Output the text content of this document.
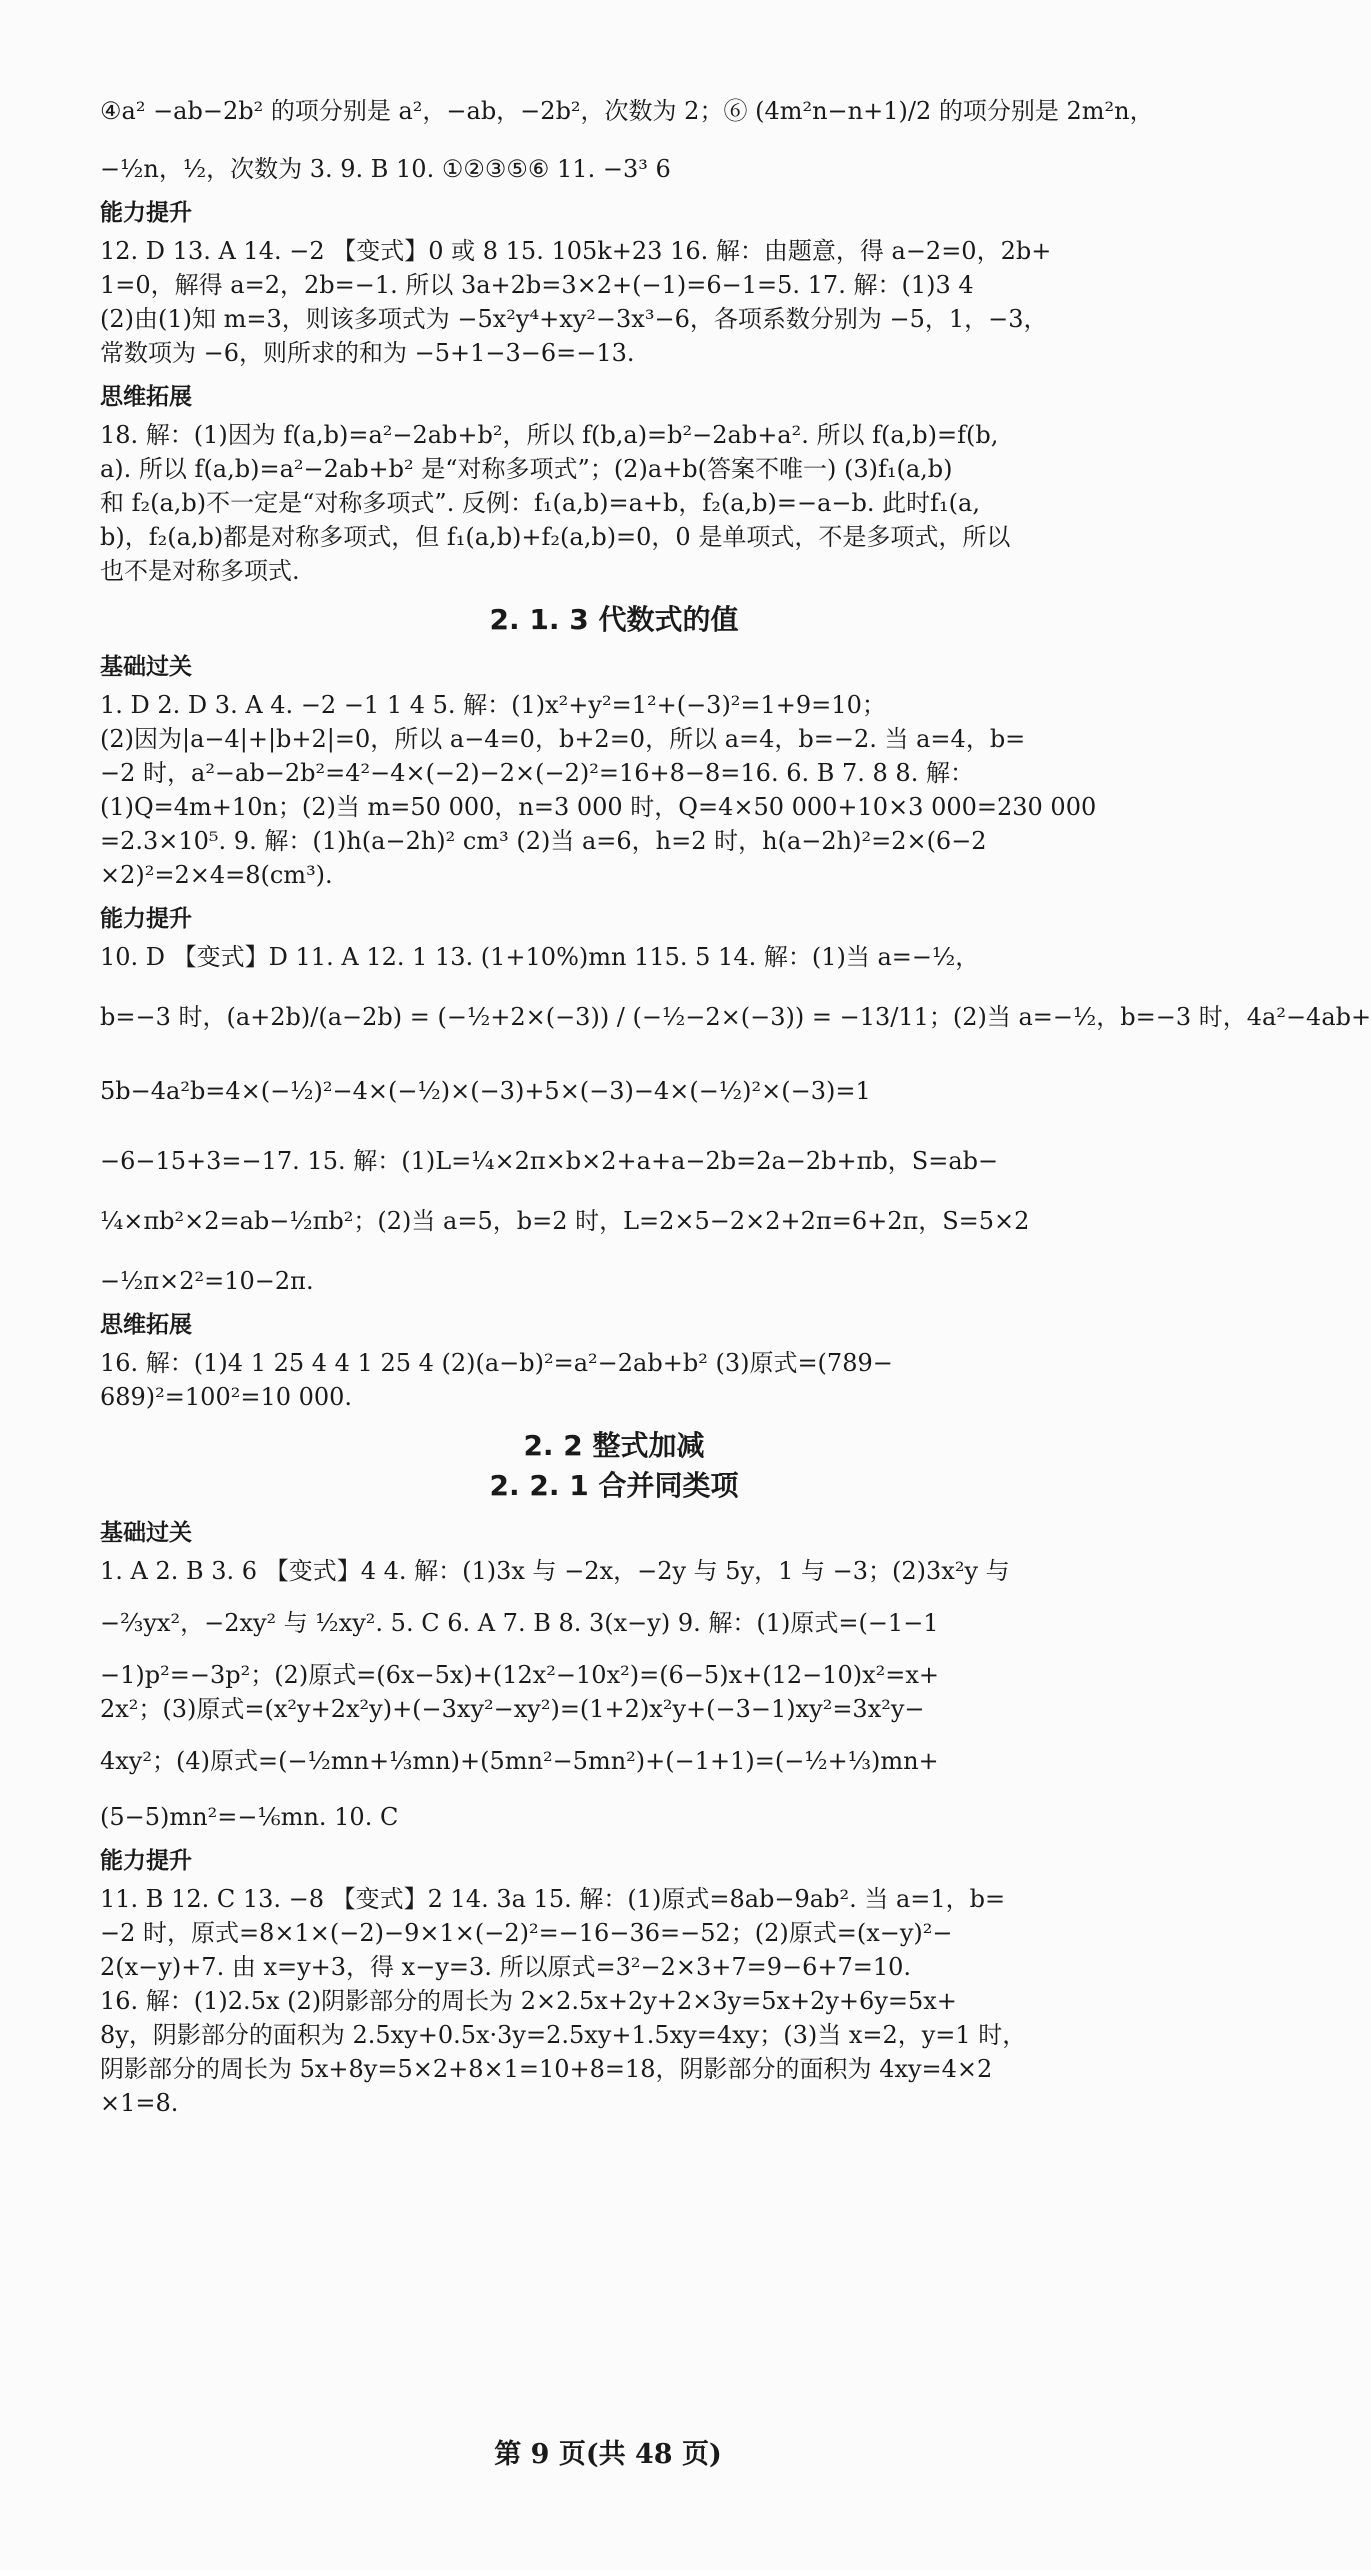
④a² −ab−2b² 的项分别是 a²，−ab，−2b²，次数为 2；⑥ (4m²n−n+1)/2 的项分别是 2m²n，

−½n，½，次数为 3. 9. B 10. ①②③⑤⑥ 11. −3³ 6

能力提升

12. D 13. A 14. −2 【变式】0 或 8 15. 105k+23 16. 解：由题意，得 a−2=0，2b+

1=0，解得 a=2，2b=−1. 所以 3a+2b=3×2+(−1)=6−1=5. 17. 解：(1)3 4

(2)由(1)知 m=3，则该多项式为 −5x²y⁴+xy²−3x³−6，各项系数分别为 −5，1，−3，

常数项为 −6，则所求的和为 −5+1−3−6=−13.

思维拓展

18. 解：(1)因为 f(a,b)=a²−2ab+b²，所以 f(b,a)=b²−2ab+a². 所以 f(a,b)=f(b,

a). 所以 f(a,b)=a²−2ab+b² 是“对称多项式”；(2)a+b(答案不唯一) (3)f₁(a,b)

和 f₂(a,b)不一定是“对称多项式”. 反例：f₁(a,b)=a+b，f₂(a,b)=−a−b. 此时f₁(a,

b)，f₂(a,b)都是对称多项式，但 f₁(a,b)+f₂(a,b)=0，0 是单项式，不是多项式，所以

也不是对称多项式.

2. 1. 3 代数式的值
基础过关

1. D 2. D 3. A 4. −2 −1 1 4 5. 解：(1)x²+y²=1²+(−3)²=1+9=10；

(2)因为|a−4|+|b+2|=0，所以 a−4=0，b+2=0，所以 a=4，b=−2. 当 a=4，b=

−2 时，a²−ab−2b²=4²−4×(−2)−2×(−2)²=16+8−8=16. 6. B 7. 8 8. 解：

(1)Q=4m+10n；(2)当 m=50 000，n=3 000 时，Q=4×50 000+10×3 000=230 000

=2.3×10⁵. 9. 解：(1)h(a−2h)² cm³ (2)当 a=6，h=2 时，h(a−2h)²=2×(6−2

×2)²=2×4=8(cm³).

能力提升

10. D 【变式】D 11. A 12. 1 13. (1+10%)mn 115. 5 14. 解：(1)当 a=−½，

b=−3 时，(a+2b)/(a−2b) = (−½+2×(−3)) / (−½−2×(−3)) = −13/11；(2)当 a=−½，b=−3 时，4a²−4ab+

5b−4a²b=4×(−½)²−4×(−½)×(−3)+5×(−3)−4×(−½)²×(−3)=1

−6−15+3=−17. 15. 解：(1)L=¼×2π×b×2+a+a−2b=2a−2b+πb，S=ab−

¼×πb²×2=ab−½πb²；(2)当 a=5，b=2 时，L=2×5−2×2+2π=6+2π，S=5×2

−½π×2²=10−2π.

思维拓展

16. 解：(1)4 1 25 4 4 1 25 4 (2)(a−b)²=a²−2ab+b² (3)原式=(789−

689)²=100²=10 000.

2. 2 整式加减
2. 2. 1 合并同类项
基础过关

1. A 2. B 3. 6 【变式】4 4. 解：(1)3x 与 −2x，−2y 与 5y，1 与 −3；(2)3x²y 与

−⅔yx²，−2xy² 与 ½xy². 5. C 6. A 7. B 8. 3(x−y) 9. 解：(1)原式=(−1−1

−1)p²=−3p²；(2)原式=(6x−5x)+(12x²−10x²)=(6−5)x+(12−10)x²=x+

2x²；(3)原式=(x²y+2x²y)+(−3xy²−xy²)=(1+2)x²y+(−3−1)xy²=3x²y−

4xy²；(4)原式=(−½mn+⅓mn)+(5mn²−5mn²)+(−1+1)=(−½+⅓)mn+

(5−5)mn²=−⅙mn. 10. C

能力提升

11. B 12. C 13. −8 【变式】2 14. 3a 15. 解：(1)原式=8ab−9ab². 当 a=1，b=

−2 时，原式=8×1×(−2)−9×1×(−2)²=−16−36=−52；(2)原式=(x−y)²−

2(x−y)+7. 由 x=y+3，得 x−y=3. 所以原式=3²−2×3+7=9−6+7=10.

16. 解：(1)2.5x (2)阴影部分的周长为 2×2.5x+2y+2×3y=5x+2y+6y=5x+

8y，阴影部分的面积为 2.5xy+0.5x·3y=2.5xy+1.5xy=4xy；(3)当 x=2，y=1 时，

阴影部分的周长为 5x+8y=5×2+8×1=10+8=18，阴影部分的面积为 4xy=4×2

×1=8.

第 9 页(共 48 页)
